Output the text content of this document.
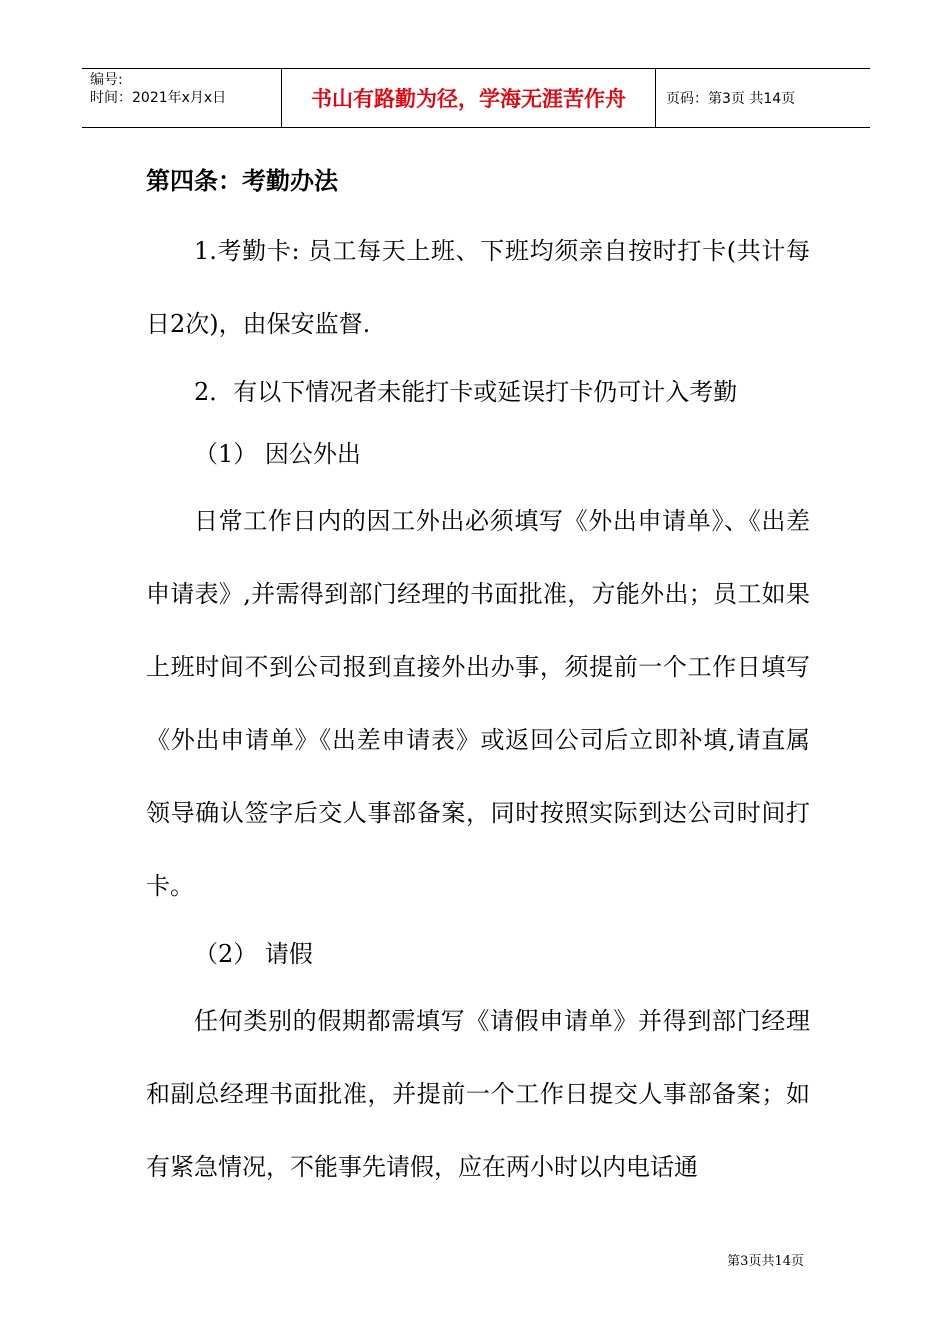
编号:
时间：2021年x月x日	书山有路勤为径，学海无涯苦作舟	页码：第3页 共14页

第四条：考勤办法

1.考勤卡: 员工每天上班、下班均须亲自按时打卡(共计每日2次)，由保安监督.

2．有以下情况者未能打卡或延误打卡仍可计入考勤

（1） 因公外出

日常工作日内的因工外出必须填写《外出申请单》、《出差申请表》,并需得到部门经理的书面批准，方能外出；员工如果上班时间不到公司报到直接外出办事，须提前一个工作日填写《外出申请单》《出差申请表》或返回公司后立即补填,请直属领导确认签字后交人事部备案，同时按照实际到达公司时间打卡。

（2） 请假

任何类别的假期都需填写《请假申请单》并得到部门经理和副总经理书面批准，并提前一个工作日提交人事部备案；如有紧急情况，不能事先请假，应在两小时以内电话通

第3页共14页
